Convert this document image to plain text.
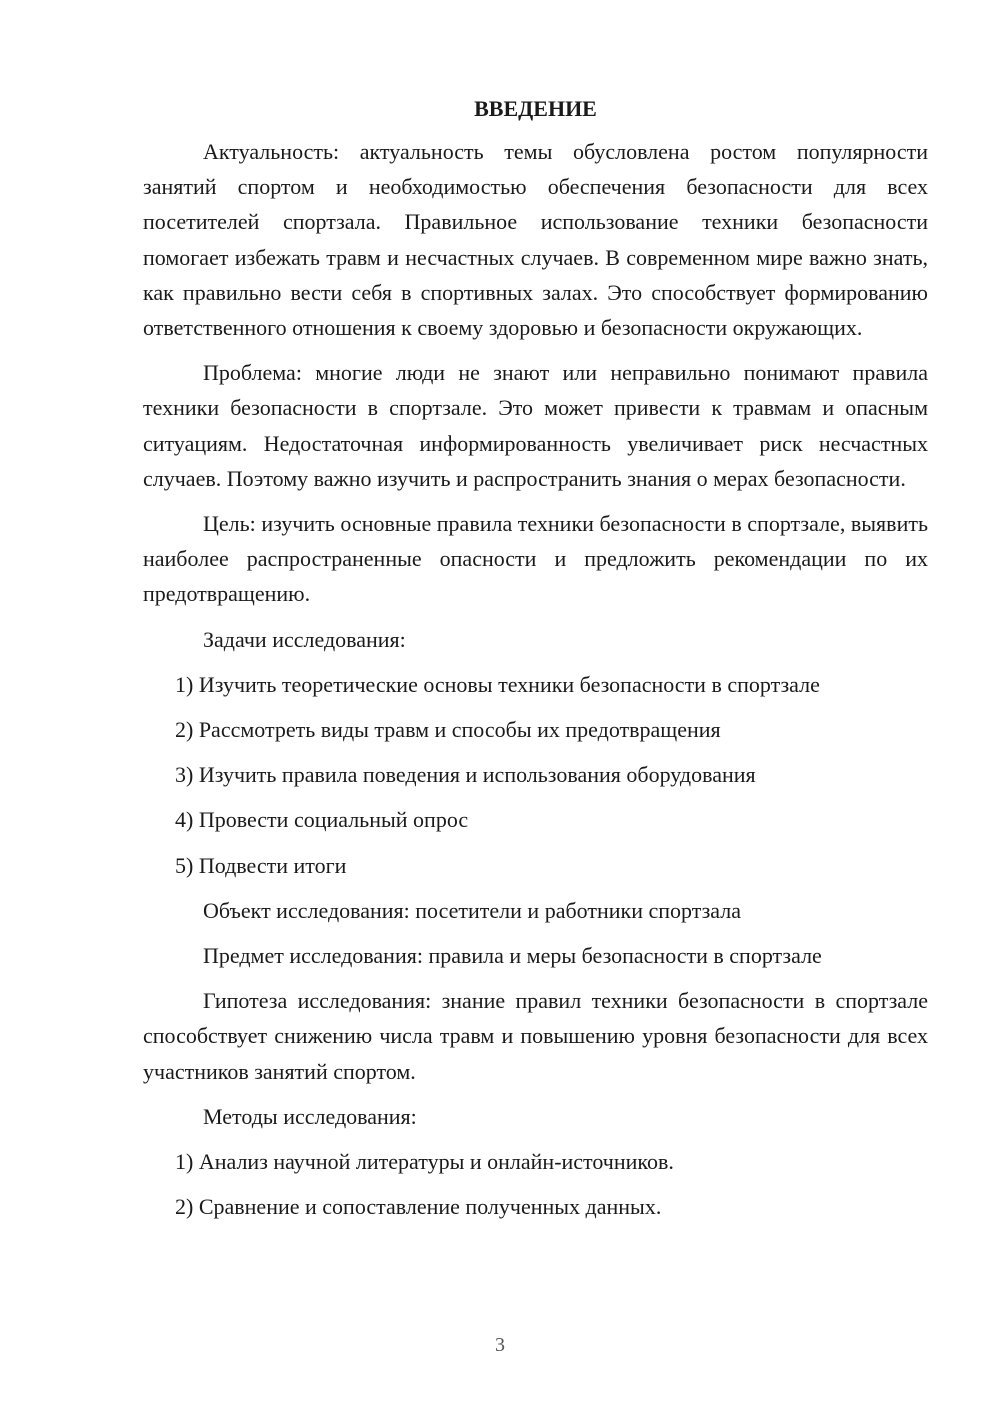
ВВЕДЕНИЕ

Актуальность: актуальность темы обусловлена ростом популярности занятий спортом и необходимостью обеспечения безопасности для всех посетителей спортзала. Правильное использование техники безопасности помогает избежать травм и несчастных случаев. В современном мире важно знать, как правильно вести себя в спортивных залах. Это способствует формированию ответственного отношения к своему здоровью и безопасности окружающих.

Проблема: многие люди не знают или неправильно понимают правила техники безопасности в спортзале. Это может привести к травмам и опасным ситуациям. Недостаточная информированность увеличивает риск несчастных случаев. Поэтому важно изучить и распространить знания о мерах безопасности.

Цель: изучить основные правила техники безопасности в спортзале, выявить наиболее распространенные опасности и предложить рекомендации по их предотвращению.

Задачи исследования:

1) Изучить теоретические основы техники безопасности в спортзале
2) Рассмотреть виды травм и способы их предотвращения
3) Изучить правила поведения и использования оборудования
4) Провести социальный опрос
5) Подвести итоги

Объект исследования: посетители и работники спортзала

Предмет исследования: правила и меры безопасности в спортзале

Гипотеза исследования: знание правил техники безопасности в спортзале способствует снижению числа травм и повышению уровня безопасности для всех участников занятий спортом.

Методы исследования:

1) Анализ научной литературы и онлайн-источников.
2) Сравнение и сопоставление полученных данных.
3
